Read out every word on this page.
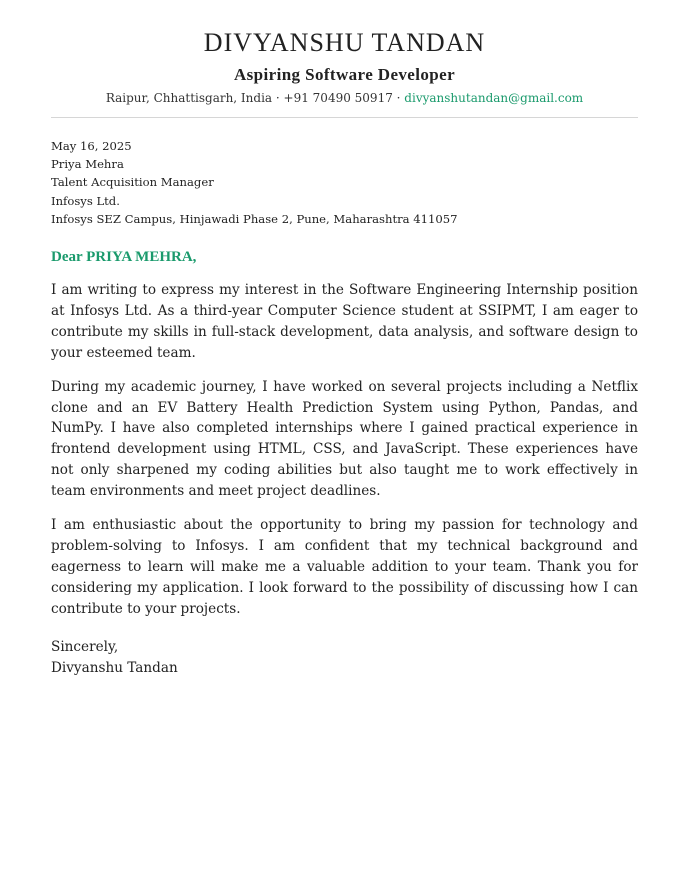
DIVYANSHU TANDAN
Aspiring Software Developer
Raipur, Chhattisgarh, India · +91 70490 50917 · divyanshutandan@gmail.com
May 16, 2025
Priya Mehra
Talent Acquisition Manager
Infosys Ltd.
Infosys SEZ Campus, Hinjawadi Phase 2, Pune, Maharashtra 411057
Dear PRIYA MEHRA,

I am writing to express my interest in the Software Engineering Internship position at Infosys Ltd. As a third-year Computer Science student at SSIPMT, I am eager to contribute my skills in full-stack development, data analysis, and software design to your esteemed team.

During my academic journey, I have worked on several projects including a Netflix clone and an EV Battery Health Prediction System using Python, Pandas, and NumPy. I have also completed internships where I gained practical experience in frontend development using HTML, CSS, and JavaScript. These experiences have not only sharpened my coding abilities but also taught me to work effectively in team environments and meet project deadlines.

I am enthusiastic about the opportunity to bring my passion for technology and problem-solving to Infosys. I am confident that my technical background and eagerness to learn will make me a valuable addition to your team. Thank you for considering my application. I look forward to the possibility of discussing how I can contribute to your projects.

Sincerely,
Divyanshu Tandan
